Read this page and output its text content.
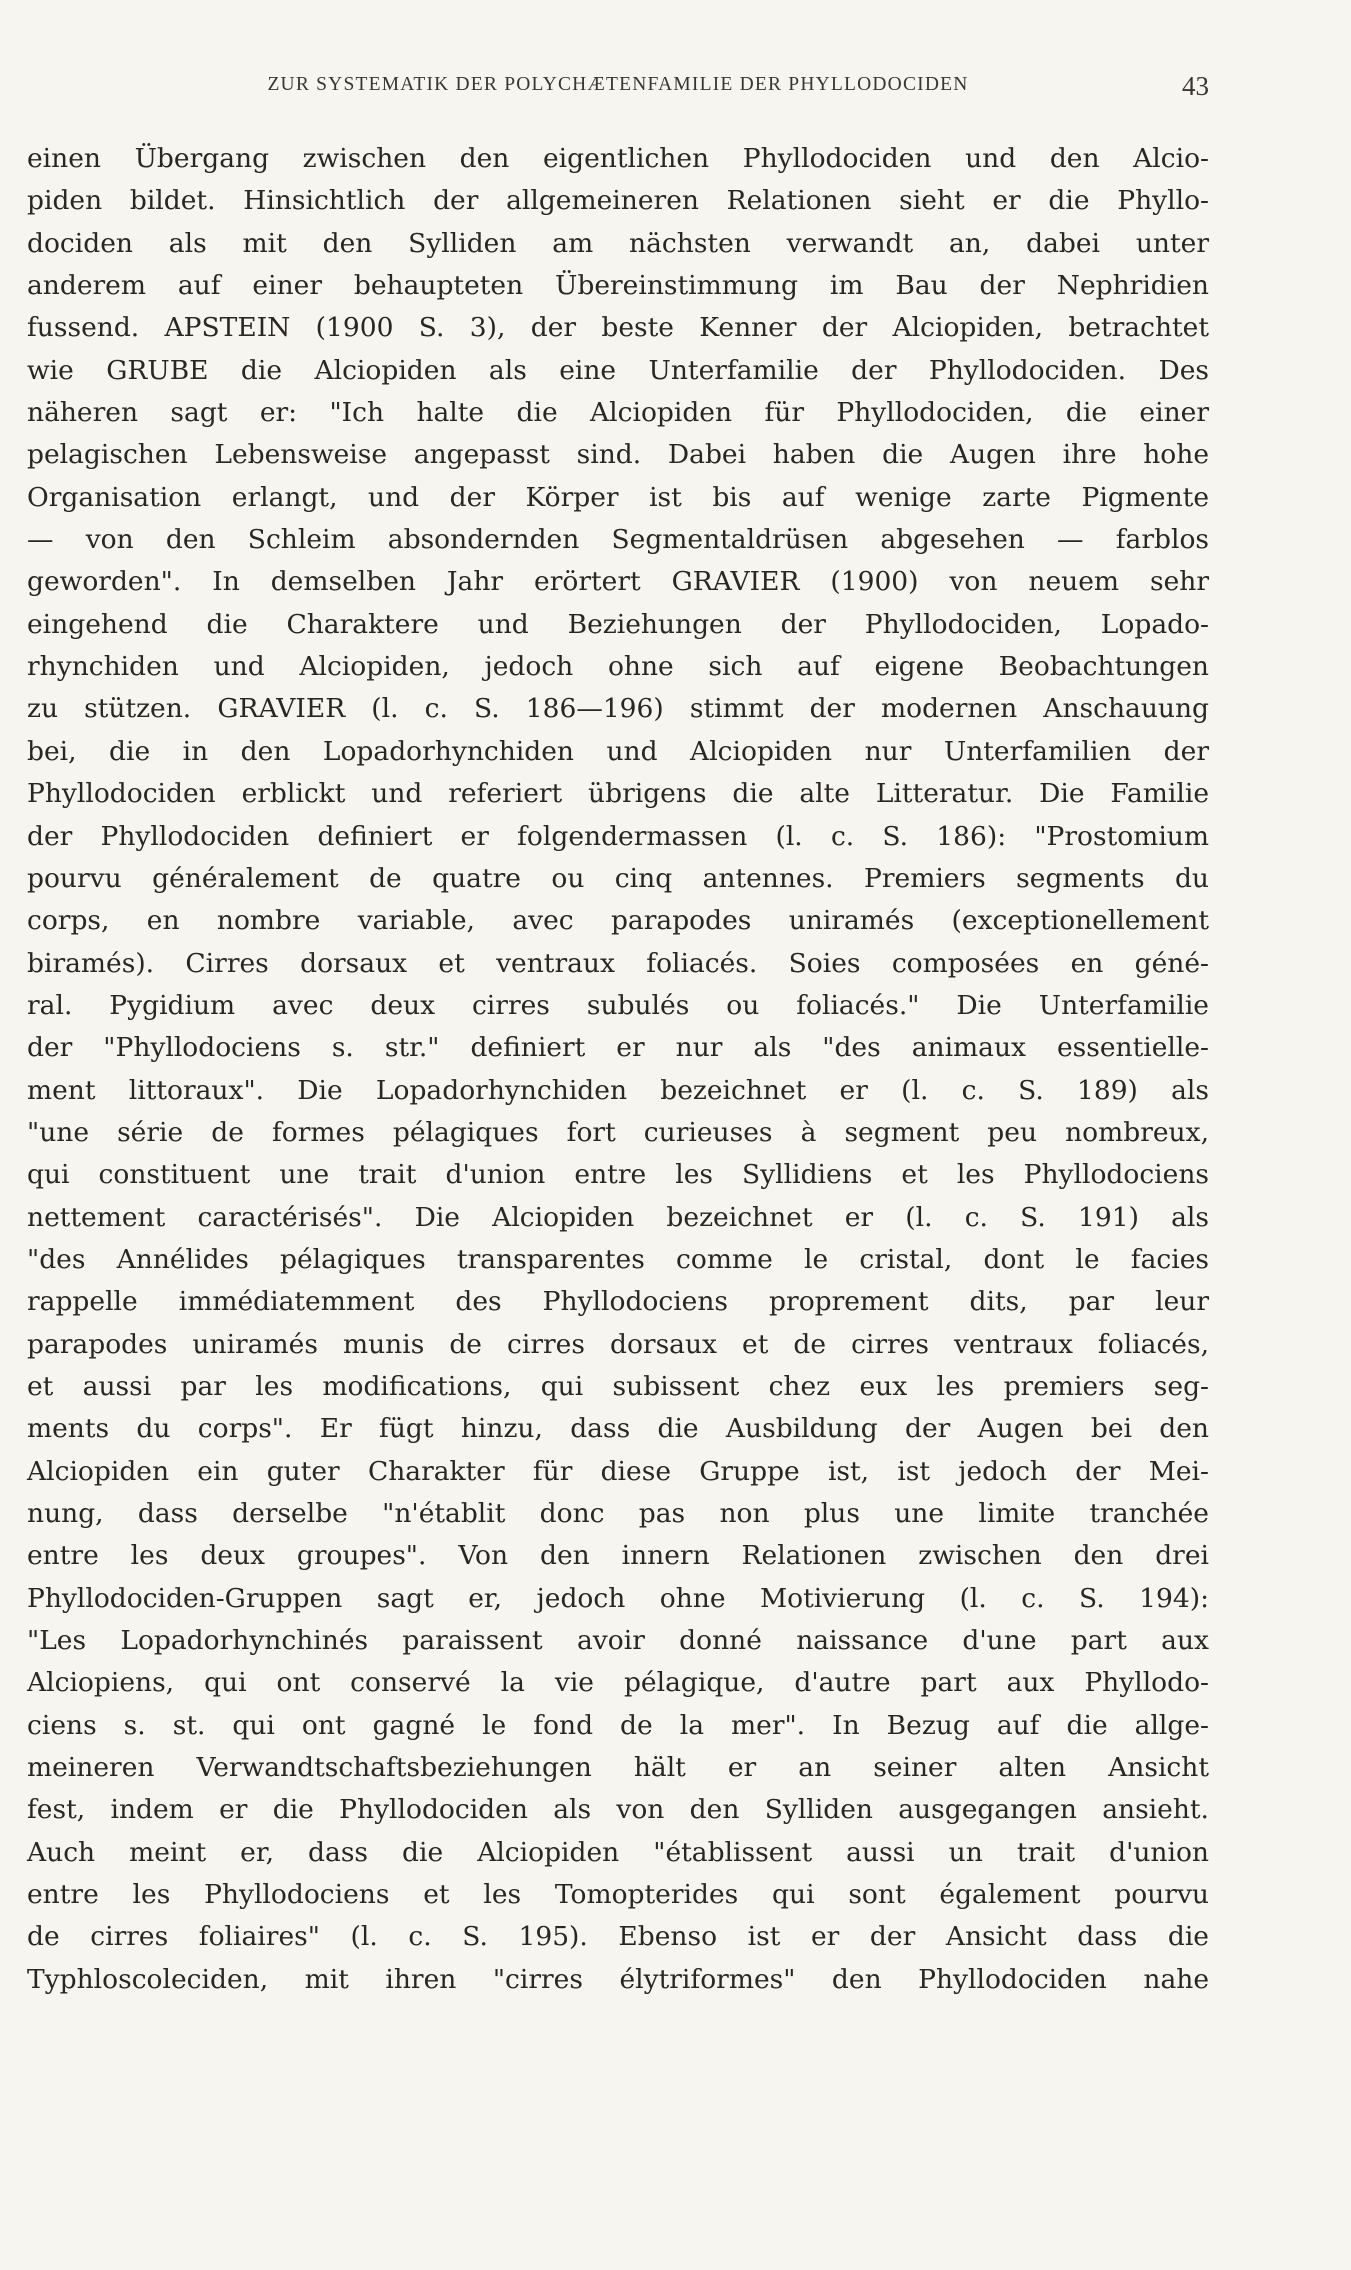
ZUR SYSTEMATIK DER POLYCHÆTENFAMILIE DER PHYLLODOCIDEN	43
einen Übergang zwischen den eigentlichen Phyllodociden und den Alcio-
piden bildet. Hinsichtlich der allgemeineren Relationen sieht er die Phyllo-
dociden als mit den Sylliden am nächsten verwandt an, dabei unter
anderem auf einer behaupteten Übereinstimmung im Bau der Nephridien
fussend. APSTEIN (1900 S. 3), der beste Kenner der Alciopiden, betrachtet
wie GRUBE die Alciopiden als eine Unterfamilie der Phyllodociden. Des
näheren sagt er: "Ich halte die Alciopiden für Phyllodociden, die einer
pelagischen Lebensweise angepasst sind. Dabei haben die Augen ihre hohe
Organisation erlangt, und der Körper ist bis auf wenige zarte Pigmente
— von den Schleim absondernden Segmentaldrüsen abgesehen — farblos
geworden". In demselben Jahr erörtert GRAVIER (1900) von neuem sehr
eingehend die Charaktere und Beziehungen der Phyllodociden, Lopado-
rhynchiden und Alciopiden, jedoch ohne sich auf eigene Beobachtungen
zu stützen. GRAVIER (l. c. S. 186—196) stimmt der modernen Anschauung
bei, die in den Lopadorhynchiden und Alciopiden nur Unterfamilien der
Phyllodociden erblickt und referiert übrigens die alte Litteratur. Die Familie
der Phyllodociden definiert er folgendermassen (l. c. S. 186): "Prostomium
pourvu généralement de quatre ou cinq antennes. Premiers segments du
corps, en nombre variable, avec parapodes uniramés (exceptionellement
biramés). Cirres dorsaux et ventraux foliacés. Soies composées en géné-
ral. Pygidium avec deux cirres subulés ou foliacés." Die Unterfamilie
der "Phyllodociens s. str." definiert er nur als "des animaux essentielle-
ment littoraux". Die Lopadorhynchiden bezeichnet er (l. c. S. 189) als
"une série de formes pélagiques fort curieuses à segment peu nombreux,
qui constituent une trait d'union entre les Syllidiens et les Phyllodociens
nettement caractérisés". Die Alciopiden bezeichnet er (l. c. S. 191) als
"des Annélides pélagiques transparentes comme le cristal, dont le facies
rappelle immédiatemment des Phyllodociens proprement dits, par leur
parapodes uniramés munis de cirres dorsaux et de cirres ventraux foliacés,
et aussi par les modifications, qui subissent chez eux les premiers seg-
ments du corps". Er fügt hinzu, dass die Ausbildung der Augen bei den
Alciopiden ein guter Charakter für diese Gruppe ist, ist jedoch der Mei-
nung, dass derselbe "n'établit donc pas non plus une limite tranchée
entre les deux groupes". Von den innern Relationen zwischen den drei
Phyllodociden-Gruppen sagt er, jedoch ohne Motivierung (l. c. S. 194):
"Les Lopadorhynchinés paraissent avoir donné naissance d'une part aux
Alciopiens, qui ont conservé la vie pélagique, d'autre part aux Phyllodo-
ciens s. st. qui ont gagné le fond de la mer". In Bezug auf die allge-
meineren Verwandtschaftsbeziehungen hält er an seiner alten Ansicht
fest, indem er die Phyllodociden als von den Sylliden ausgegangen ansieht.
Auch meint er, dass die Alciopiden "établissent aussi un trait d'union
entre les Phyllodociens et les Tomopterides qui sont également pourvu
de cirres foliaires" (l. c. S. 195). Ebenso ist er der Ansicht dass die
Typhloscoleciden, mit ihren "cirres élytriformes" den Phyllodociden nahe
